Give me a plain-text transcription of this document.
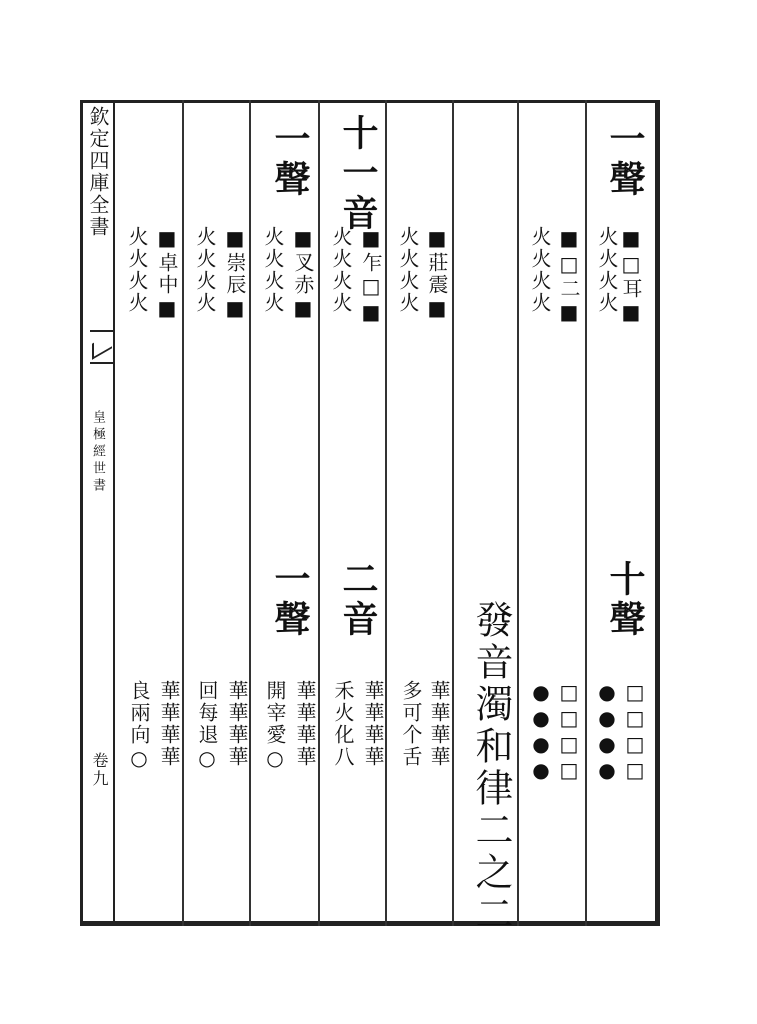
欽定四庫全書
皇極經世書
卷九
一聲
■□耳■
火火火火
十聲
□□□□
●●●●
■□二■
火火火火
□□□□
●●●●
發音濁和律二之二
■莊震■
火火火火
華華華華
多可个舌
十一音
■乍□■
火火火火
二音
華華華華
禾火化八
一聲
■叉赤■
火火火火
一聲
華華華華
開宰愛○
■崇辰■
火火火火
華華華華
回每退○
■卓中■
火火火火
華華華華
良兩向○
